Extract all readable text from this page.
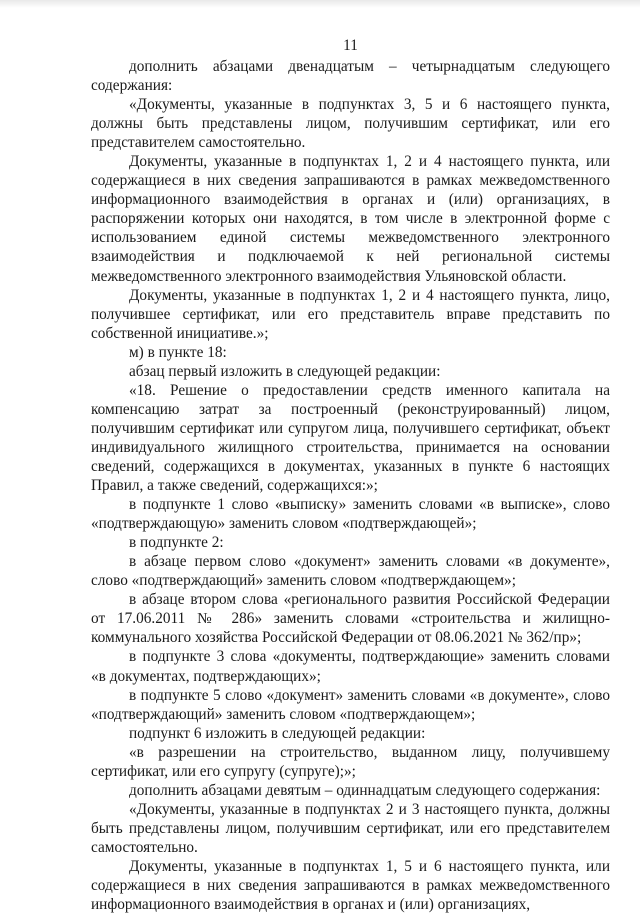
11

дополнить абзацами двенадцатым – четырнадцатым следующего содержания:

«Документы, указанные в подпунктах 3, 5 и 6 настоящего пункта, должны быть представлены лицом, получившим сертификат, или его представителем самостоятельно.

Документы, указанные в подпунктах 1, 2 и 4 настоящего пункта, или содержащиеся в них сведения запрашиваются в рамках межведомственного информационного взаимодействия в органах и (или) организациях, в распоряжении которых они находятся, в том числе в электронной форме с использованием единой системы межведомственного электронного взаимодействия и подключаемой к ней региональной системы межведомственного электронного взаимодействия Ульяновской области.

Документы, указанные в подпунктах 1, 2 и 4 настоящего пункта, лицо, получившее сертификат, или его представитель вправе представить по собственной инициативе.»;

м) в пункте 18:

абзац первый изложить в следующей редакции:

«18. Решение о предоставлении средств именного капитала на компенсацию затрат за построенный (реконструированный) лицом, получившим сертификат или супругом лица, получившего сертификат, объект индивидуального жилищного строительства, принимается на основании сведений, содержащихся в документах, указанных в пункте 6 настоящих Правил, а также сведений, содержащихся:»;

в подпункте 1 слово «выписку» заменить словами «в выписке», слово «подтверждающую» заменить словом «подтверждающей»;

в подпункте 2:

в абзаце первом слово «документ» заменить словами «в документе», слово «подтверждающий» заменить словом «подтверждающем»;

в абзаце втором слова «регионального развития Российской Федерации от 17.06.2011 № 286» заменить словами «строительства и жилищно-коммунального хозяйства Российской Федерации от 08.06.2021 № 362/пр»;

в подпункте 3 слова «документы, подтверждающие» заменить словами «в документах, подтверждающих»;

в подпункте 5 слово «документ» заменить словами «в документе», слово «подтверждающий» заменить словом «подтверждающем»;

подпункт 6 изложить в следующей редакции:

«в разрешении на строительство, выданном лицу, получившему сертификат, или его супругу (супруге);»;

дополнить абзацами девятым – одиннадцатым следующего содержания:

«Документы, указанные в подпунктах 2 и 3 настоящего пункта, должны быть представлены лицом, получившим сертификат, или его представителем самостоятельно.

Документы, указанные в подпунктах 1, 5 и 6 настоящего пункта, или содержащиеся в них сведения запрашиваются в рамках межведомственного информационного взаимодействия в органах и (или) организациях,
